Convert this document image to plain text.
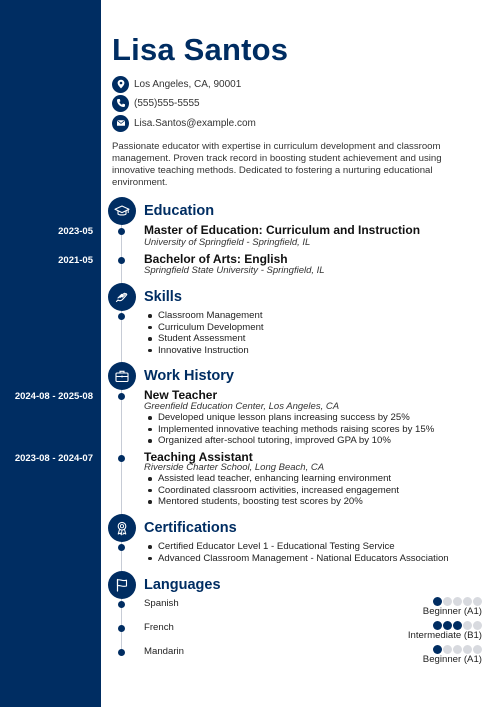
Lisa Santos
Los Angeles, CA, 90001
(555)555-5555
Lisa.Santos@example.com
Passionate educator with expertise in curriculum development and classroom management. Proven track record in boosting student achievement and using innovative teaching methods. Dedicated to fostering a nurturing educational environment.
Education
2023-05	Master of Education: Curriculum and Instruction
University of Springfield - Springfield, IL
2021-05	Bachelor of Arts: English
Springfield State University - Springfield, IL
Skills
Classroom Management
Curriculum Development
Student Assessment
Innovative Instruction
Work History
2024-08 - 2025-08	New Teacher
Greenfield Education Center, Los Angeles, CA
Developed unique lesson plans increasing success by 25%
Implemented innovative teaching methods raising scores by 15%
Organized after-school tutoring, improved GPA by 10%
2023-08 - 2024-07	Teaching Assistant
Riverside Charter School, Long Beach, CA
Assisted lead teacher, enhancing learning environment
Coordinated classroom activities, increased engagement
Mentored students, boosting test scores by 20%
Certifications
Certified Educator Level 1 - Educational Testing Service
Advanced Classroom Management - National Educators Association
Languages
Spanish
Beginner (A1)
French
Intermediate (B1)
Mandarin
Beginner (A1)
